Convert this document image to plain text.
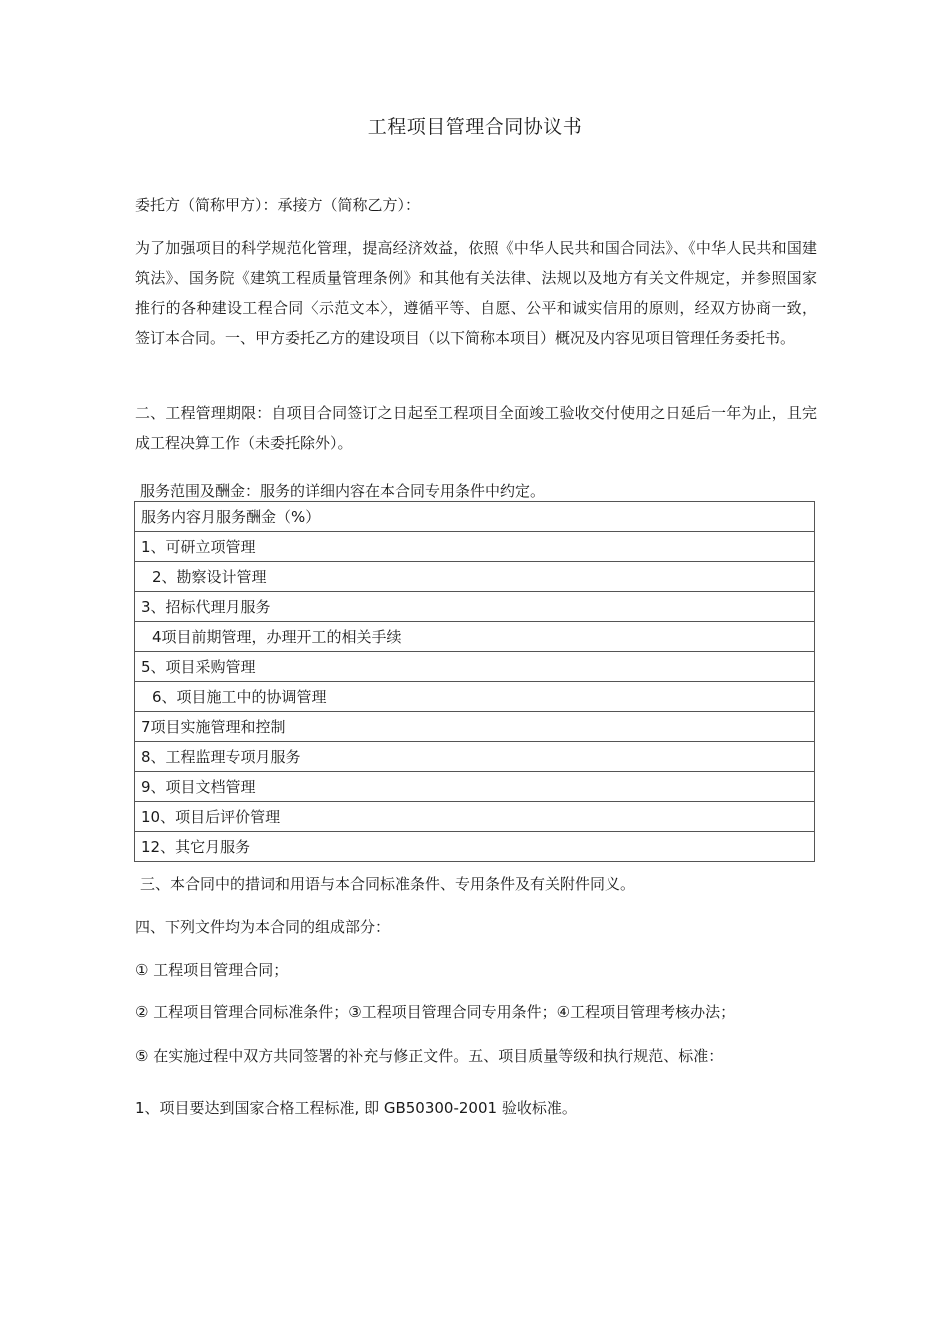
工程项目管理合同协议书

委托方（简称甲方）：承接方（简称乙方）：

为了加强项目的科学规范化管理，提高经济效益，依照《中华人民共和国合同法》、《中华人民共和国建筑法》、国务院《建筑工程质量管理条例》和其他有关法律、法规以及地方有关文件规定，并参照国家推行的各种建设工程合同〈示范文本〉，遵循平等、自愿、公平和诚实信用的原则，经双方协商一致，签订本合同。一、甲方委托乙方的建设项目（以下简称本项目）概况及内容见项目管理任务委托书。

二、工程管理期限：自项目合同签订之日起至工程项目全面竣工验收交付使用之日延后一年为止，且完成工程决算工作（未委托除外）。

服务范围及酬金：服务的详细内容在本合同专用条件中约定。

服务内容月服务酬金（%）
1、可研立项管理
2、勘察设计管理
3、招标代理月服务
4项目前期管理，办理开工的相关手续
5、项目采购管理
6、项目施工中的协调管理
7项目实施管理和控制
8、工程监理专项月服务
9、项目文档管理
10、项目后评价管理
12、其它月服务

三、本合同中的措词和用语与本合同标准条件、专用条件及有关附件同义。

四、下列文件均为本合同的组成部分：

① 工程项目管理合同；

② 工程项目管理合同标准条件；③工程项目管理合同专用条件；④工程项目管理考核办法；

⑤ 在实施过程中双方共同签署的补充与修正文件。五、项目质量等级和执行规范、标准：

1、项目要达到国家合格工程标准, 即 GB50300-2001 验收标准。
